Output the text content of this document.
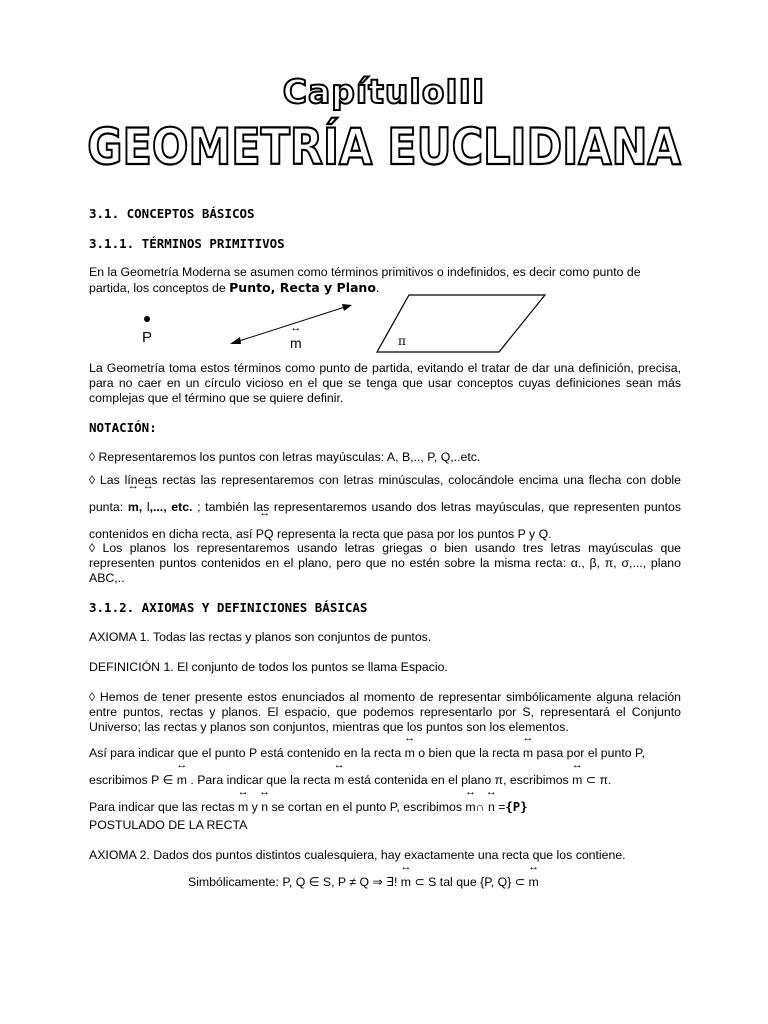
CapítuloIII
GEOMETRÍA EUCLIDIANA
3.1. CONCEPTOS BÁSICOS
3.1.1. TÉRMINOS PRIMITIVOS
En la Geometría Moderna se asumen como términos primitivos o indefinidos, es decir como punto de partida, los conceptos de Punto, Recta y Plano.
P
↔	m	π
La Geometría toma estos términos como punto de partida, evitando el tratar de dar una definición, precisa, para no caer en un círculo vicioso en el que se tenga que usar conceptos cuyas definiciones sean más complejas que el término que se quiere definir.
NOTACIÓN:
◊ Representaremos los puntos con letras mayúsculas: A, B,.., P, Q,..etc.
◊ Las líneas rectas las representaremos con letras minúsculas, colocándole encima una flecha con doble punta: ↔ m, ↔ l,..., etc. ; también las representaremos usando dos letras mayúsculas, que representen puntos contenidos en dicha recta, así ↔ PQ representa la recta que pasa por los puntos P y Q.
◊ Los planos los representaremos usando letras griegas o bien usando tres letras mayúsculas que representen puntos contenidos en el plano, pero que no estén sobre la misma recta: α., β, π, σ,..., plano ABC,..
3.1.2. AXIOMAS Y DEFINICIONES BÁSICAS
AXIOMA 1. Todas las rectas y planos son conjuntos de puntos.
DEFINICIÓN 1. El conjunto de todos los puntos se llama Espacio.
◊ Hemos de tener presente estos enunciados al momento de representar simbólicamente alguna relación entre puntos, rectas y planos. El espacio, que podemos representarlo por S, representará el Conjunto Universo; las rectas y planos son conjuntos, mientras que los puntos son los elementos.
Así para indicar que el punto P está contenido en la recta ↔ m o bien que la recta ↔ m pasa por el punto P,
escribimos P ∈ ↔ m . Para indicar que la recta ↔ m está contenida en el plano π, escribimos ↔ m ⊂ π.
Para indicar que las rectas ↔ m y ↔ n se cortan en el punto P, escribimos ↔ m∩ ↔ n ={P}
POSTULADO DE LA RECTA
AXIOMA 2. Dados dos puntos distintos cualesquiera, hay exactamente una recta que los contiene.
Simbólicamente: P, Q ∈ S, P ≠ Q ⇒ ∃! ↔ m ⊂ S tal que {P, Q} ⊂ ↔ m
